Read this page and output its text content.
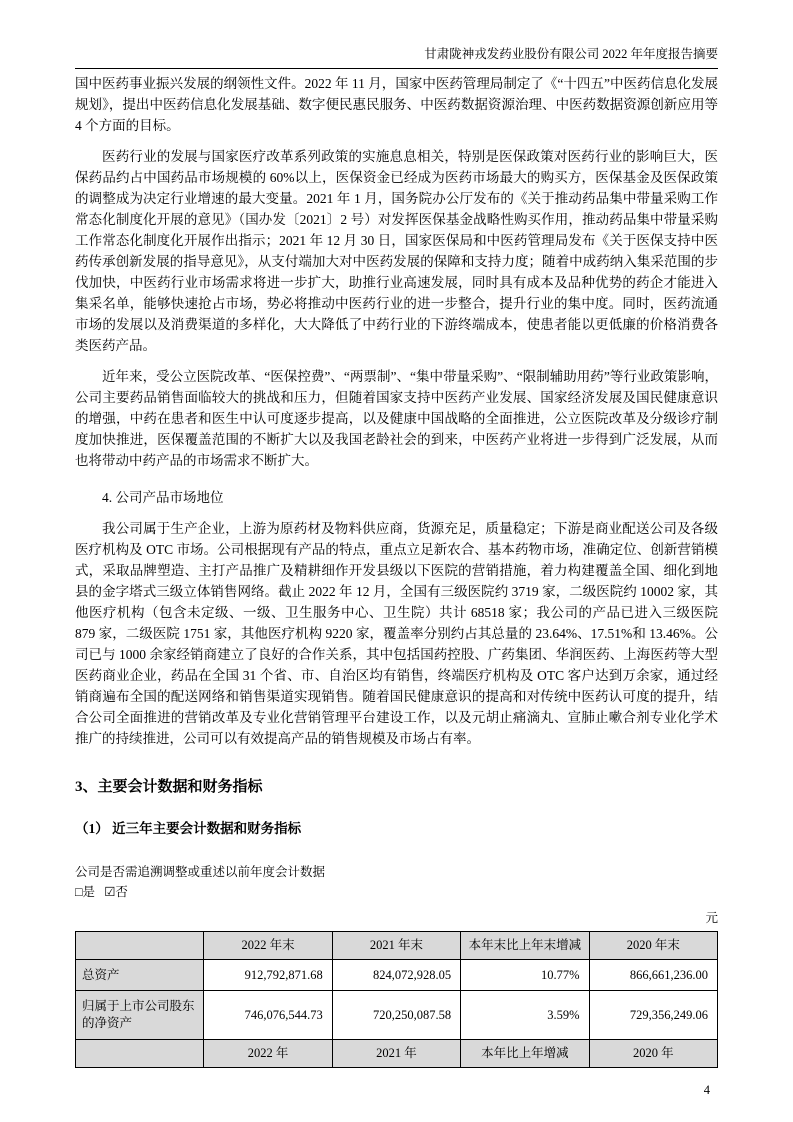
甘肃陇神戎发药业股份有限公司 2022 年年度报告摘要

国中医药事业振兴发展的纲领性文件。2022 年 11 月，国家中医药管理局制定了《“十四五”中医药信息化发展规划》，提出中医药信息化发展基础、数字便民惠民服务、中医药数据资源治理、中医药数据资源创新应用等 4 个方面的目标。

医药行业的发展与国家医疗改革系列政策的实施息息相关，特别是医保政策对医药行业的影响巨大，医保药品约占中国药品市场规模的 60%以上，医保资金已经成为医药市场最大的购买方，医保基金及医保政策的调整成为决定行业增速的最大变量。2021 年 1 月，国务院办公厅发布的《关于推动药品集中带量采购工作常态化制度化开展的意见》（国办发〔2021〕2 号）对发挥医保基金战略性购买作用，推动药品集中带量采购工作常态化制度化开展作出指示；2021 年 12 月 30 日，国家医保局和中医药管理局发布《关于医保支持中医药传承创新发展的指导意见》，从支付端加大对中医药发展的保障和支持力度；随着中成药纳入集采范围的步伐加快，中医药行业市场需求将进一步扩大，助推行业高速发展，同时具有成本及品种优势的药企才能进入集采名单，能够快速抢占市场，势必将推动中医药行业的进一步整合，提升行业的集中度。同时，医药流通市场的发展以及消费渠道的多样化，大大降低了中药行业的下游终端成本，使患者能以更低廉的价格消费各类医药产品。

近年来，受公立医院改革、“医保控费”、“两票制”、“集中带量采购”、“限制辅助用药”等行业政策影响，公司主要药品销售面临较大的挑战和压力，但随着国家支持中医药产业发展、国家经济发展及国民健康意识的增强，中药在患者和医生中认可度逐步提高，以及健康中国战略的全面推进，公立医院改革及分级诊疗制度加快推进，医保覆盖范围的不断扩大以及我国老龄社会的到来，中医药产业将进一步得到广泛发展，从而也将带动中药产品的市场需求不断扩大。

4. 公司产品市场地位

我公司属于生产企业，上游为原药材及物料供应商，货源充足，质量稳定；下游是商业配送公司及各级医疗机构及 OTC 市场。公司根据现有产品的特点，重点立足新农合、基本药物市场，准确定位、创新营销模式，采取品牌塑造、主打产品推广及精耕细作开发县级以下医院的营销措施，着力构建覆盖全国、细化到地县的金字塔式三级立体销售网络。截止 2022 年 12 月，全国有三级医院约 3719 家，二级医院约 10002 家，其他医疗机构（包含未定级、一级、卫生服务中心、卫生院）共计 68518 家；我公司的产品已进入三级医院 879 家，二级医院 1751 家，其他医疗机构 9220 家，覆盖率分别约占其总量的 23.64%、17.51%和 13.46%。公司已与 1000 余家经销商建立了良好的合作关系，其中包括国药控股、广药集团、华润医药、上海医药等大型医药商业企业，药品在全国 31 个省、市、自治区均有销售，终端医疗机构及 OTC 客户达到万余家，通过经销商遍布全国的配送网络和销售渠道实现销售。随着国民健康意识的提高和对传统中医药认可度的提升，结合公司全面推进的营销改革及专业化营销管理平台建设工作，以及元胡止痛滴丸、宣肺止嗽合剂专业化学术推广的持续推进，公司可以有效提高产品的销售规模及市场占有率。

3、主要会计数据和财务指标
（1） 近三年主要会计数据和财务指标

公司是否需追溯调整或重述以前年度会计数据

□是 ☑否

元
	2022 年末	2021 年末	本年末比上年末增减	2020 年末
总资产	912,792,871.68	824,072,928.05	10.77%	866,661,236.00
归属于上市公司股东的净资产	746,076,544.73	720,250,087.58	3.59%	729,356,249.06
	2022 年	2021 年	本年比上年增减	2020 年
4
